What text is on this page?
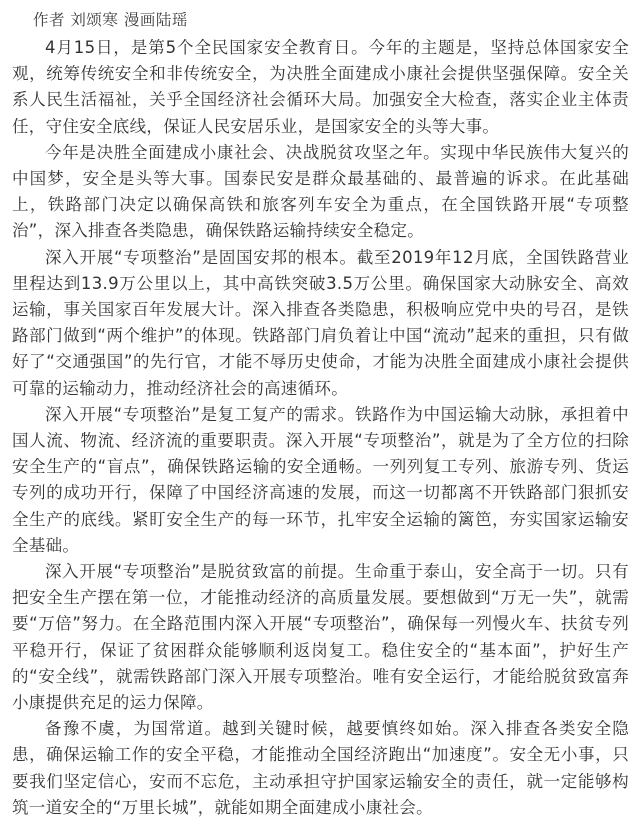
作者 刘颂寒 漫画陆瑶

4月15日，是第5个全民国家安全教育日。今年的主题是，坚持总体国家安全观，统筹传统安全和非传统安全，为决胜全面建成小康社会提供坚强保障。安全关系人民生活福祉，关乎全国经济社会循环大局。加强安全大检查，落实企业主体责任，守住安全底线，保证人民安居乐业，是国家安全的头等大事。

今年是决胜全面建成小康社会、决战脱贫攻坚之年。实现中华民族伟大复兴的中国梦，安全是头等大事。国泰民安是群众最基础的、最普遍的诉求。在此基础上，铁路部门决定以确保高铁和旅客列车安全为重点，在全国铁路开展“专项整治”，深入排查各类隐患，确保铁路运输持续安全稳定。

深入开展“专项整治”是固国安邦的根本。截至2019年12月底，全国铁路营业里程达到13.9万公里以上，其中高铁突破3.5万公里。确保国家大动脉安全、高效运输，事关国家百年发展大计。深入排查各类隐患，积极响应党中央的号召，是铁路部门做到“两个维护”的体现。铁路部门肩负着让中国“流动”起来的重担，只有做好了“交通强国”的先行官，才能不辱历史使命，才能为决胜全面建成小康社会提供可靠的运输动力，推动经济社会的高速循环。

深入开展“专项整治”是复工复产的需求。铁路作为中国运输大动脉，承担着中国人流、物流、经济流的重要职责。深入开展“专项整治”，就是为了全方位的扫除安全生产的“盲点”，确保铁路运输的安全通畅。一列列复工专列、旅游专列、货运专列的成功开行，保障了中国经济高速的发展，而这一切都离不开铁路部门狠抓安全生产的底线。紧盯安全生产的每一环节，扎牢安全运输的篱笆，夯实国家运输安全基础。

深入开展“专项整治”是脱贫致富的前提。生命重于泰山，安全高于一切。只有把安全生产摆在第一位，才能推动经济的高质量发展。要想做到“万无一失”，就需要“万倍”努力。在全路范围内深入开展“专项整治”，确保每一列慢火车、扶贫专列平稳开行，保证了贫困群众能够顺利返岗复工。稳住安全的“基本面”，护好生产的“安全线”，就需铁路部门深入开展专项整治。唯有安全运行，才能给脱贫致富奔小康提供充足的运力保障。

备豫不虞，为国常道。越到关键时候，越要慎终如始。深入排查各类安全隐患，确保运输工作的安全平稳，才能推动全国经济跑出“加速度”。安全无小事，只要我们坚定信心，安而不忘危，主动承担守护国家运输安全的责任，就一定能够构筑一道安全的“万里长城”，就能如期全面建成小康社会。
